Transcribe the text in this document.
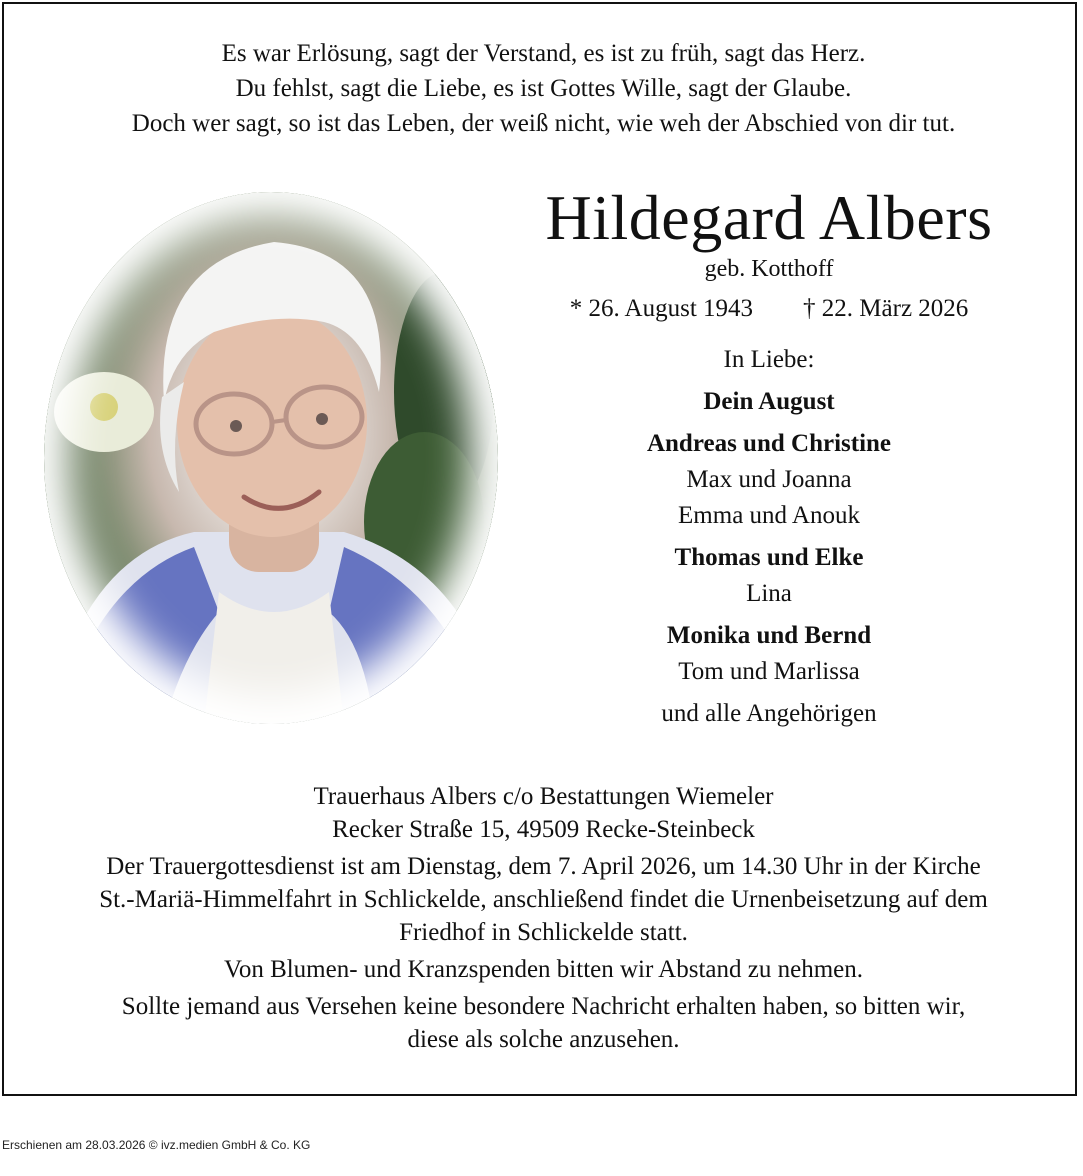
Es war Erlösung, sagt der Verstand, es ist zu früh, sagt das Herz.
Du fehlst, sagt die Liebe, es ist Gottes Wille, sagt der Glaube.
Doch wer sagt, so ist das Leben, der weiß nicht, wie weh der Abschied von dir tut.
Hildegard Albers
geb. Kotthoff
* 26. August 1943 † 22. März 2026
In Liebe:
Dein August
Andreas und Christine
Max und Joanna
Emma und Anouk
Thomas und Elke
Lina
Monika und Bernd
Tom und Marlissa
und alle Angehörigen
Trauerhaus Albers c/o Bestattungen Wiemeler
Recker Straße 15, 49509 Recke-Steinbeck
Der Trauergottesdienst ist am Dienstag, dem 7. April 2026, um 14.30 Uhr in der Kirche
St.-Mariä-Himmelfahrt in Schlickelde, anschließend findet die Urnenbeisetzung auf dem
Friedhof in Schlickelde statt.
Von Blumen- und Kranzspenden bitten wir Abstand zu nehmen.
Sollte jemand aus Versehen keine besondere Nachricht erhalten haben, so bitten wir,
diese als solche anzusehen.
Erschienen am 28.03.2026 © ivz.medien GmbH & Co. KG
